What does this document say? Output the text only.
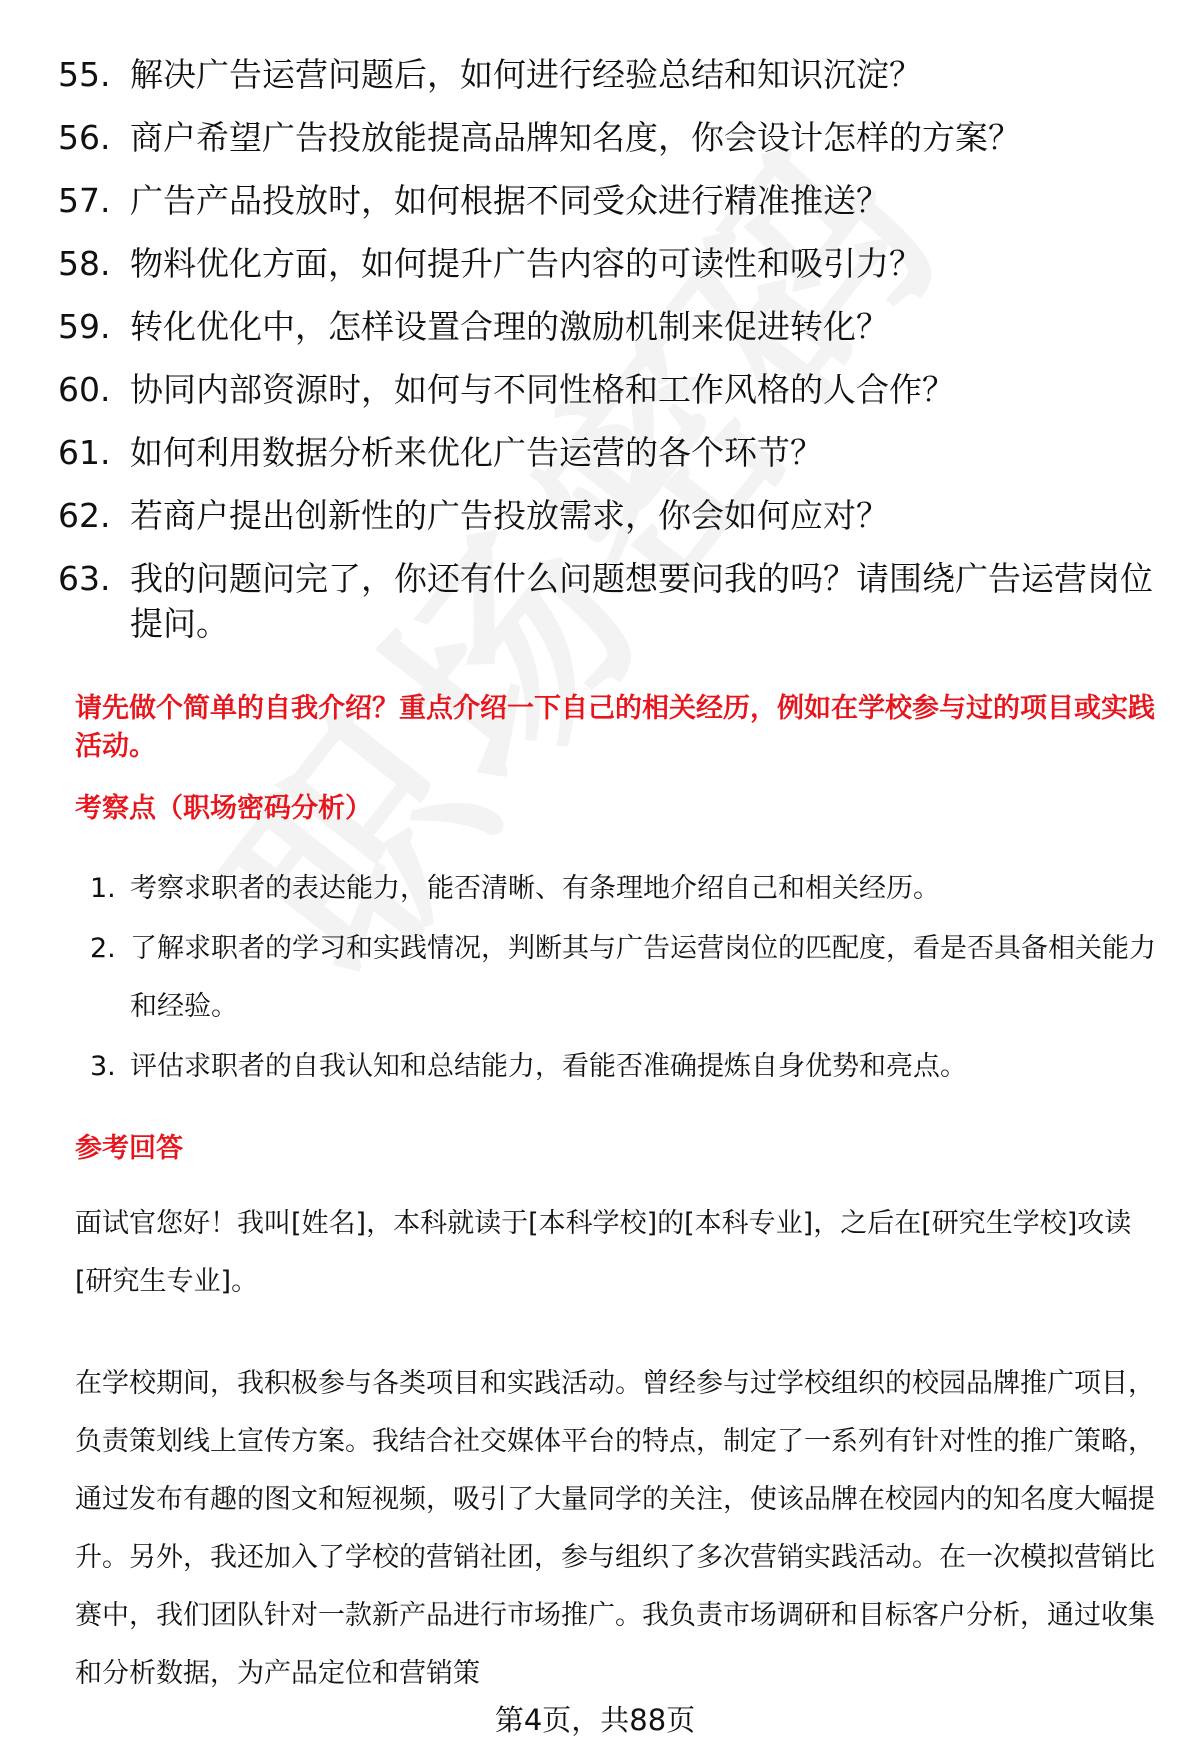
55. 解决广告运营问题后，如何进行经验总结和知识沉淀？
56. 商户希望广告投放能提高品牌知名度，你会设计怎样的方案？
57. 广告产品投放时，如何根据不同受众进行精准推送？
58. 物料优化方面，如何提升广告内容的可读性和吸引力？
59. 转化优化中，怎样设置合理的激励机制来促进转化？
60. 协同内部资源时，如何与不同性格和工作风格的人合作？
61. 如何利用数据分析来优化广告运营的各个环节？
62. 若商户提出创新性的广告投放需求，你会如何应对？
63. 我的问题问完了，你还有什么问题想要问我的吗？请围绕广告运营岗位提问。
请先做个简单的自我介绍？重点介绍一下自己的相关经历，例如在学校参与过的项目或实践活动。
考察点（职场密码分析）
1. 考察求职者的表达能力，能否清晰、有条理地介绍自己和相关经历。
2. 了解求职者的学习和实践情况，判断其与广告运营岗位的匹配度，看是否具备相关能力和经验。
3. 评估求职者的自我认知和总结能力，看能否准确提炼自身优势和亮点。
参考回答
面试官您好！我叫[姓名]，本科就读于[本科学校]的[本科专业]，之后在[研究生学校]攻读[研究生专业]。
在学校期间，我积极参与各类项目和实践活动。曾经参与过学校组织的校园品牌推广项目，负责策划线上宣传方案。我结合社交媒体平台的特点，制定了一系列有针对性的推广策略，通过发布有趣的图文和短视频，吸引了大量同学的关注，使该品牌在校园内的知名度大幅提升。另外，我还加入了学校的营销社团，参与组织了多次营销实践活动。在一次模拟营销比赛中，我们团队针对一款新产品进行市场推广。我负责市场调研和目标客户分析，通过收集和分析数据，为产品定位和营销策
第4页，共88页
